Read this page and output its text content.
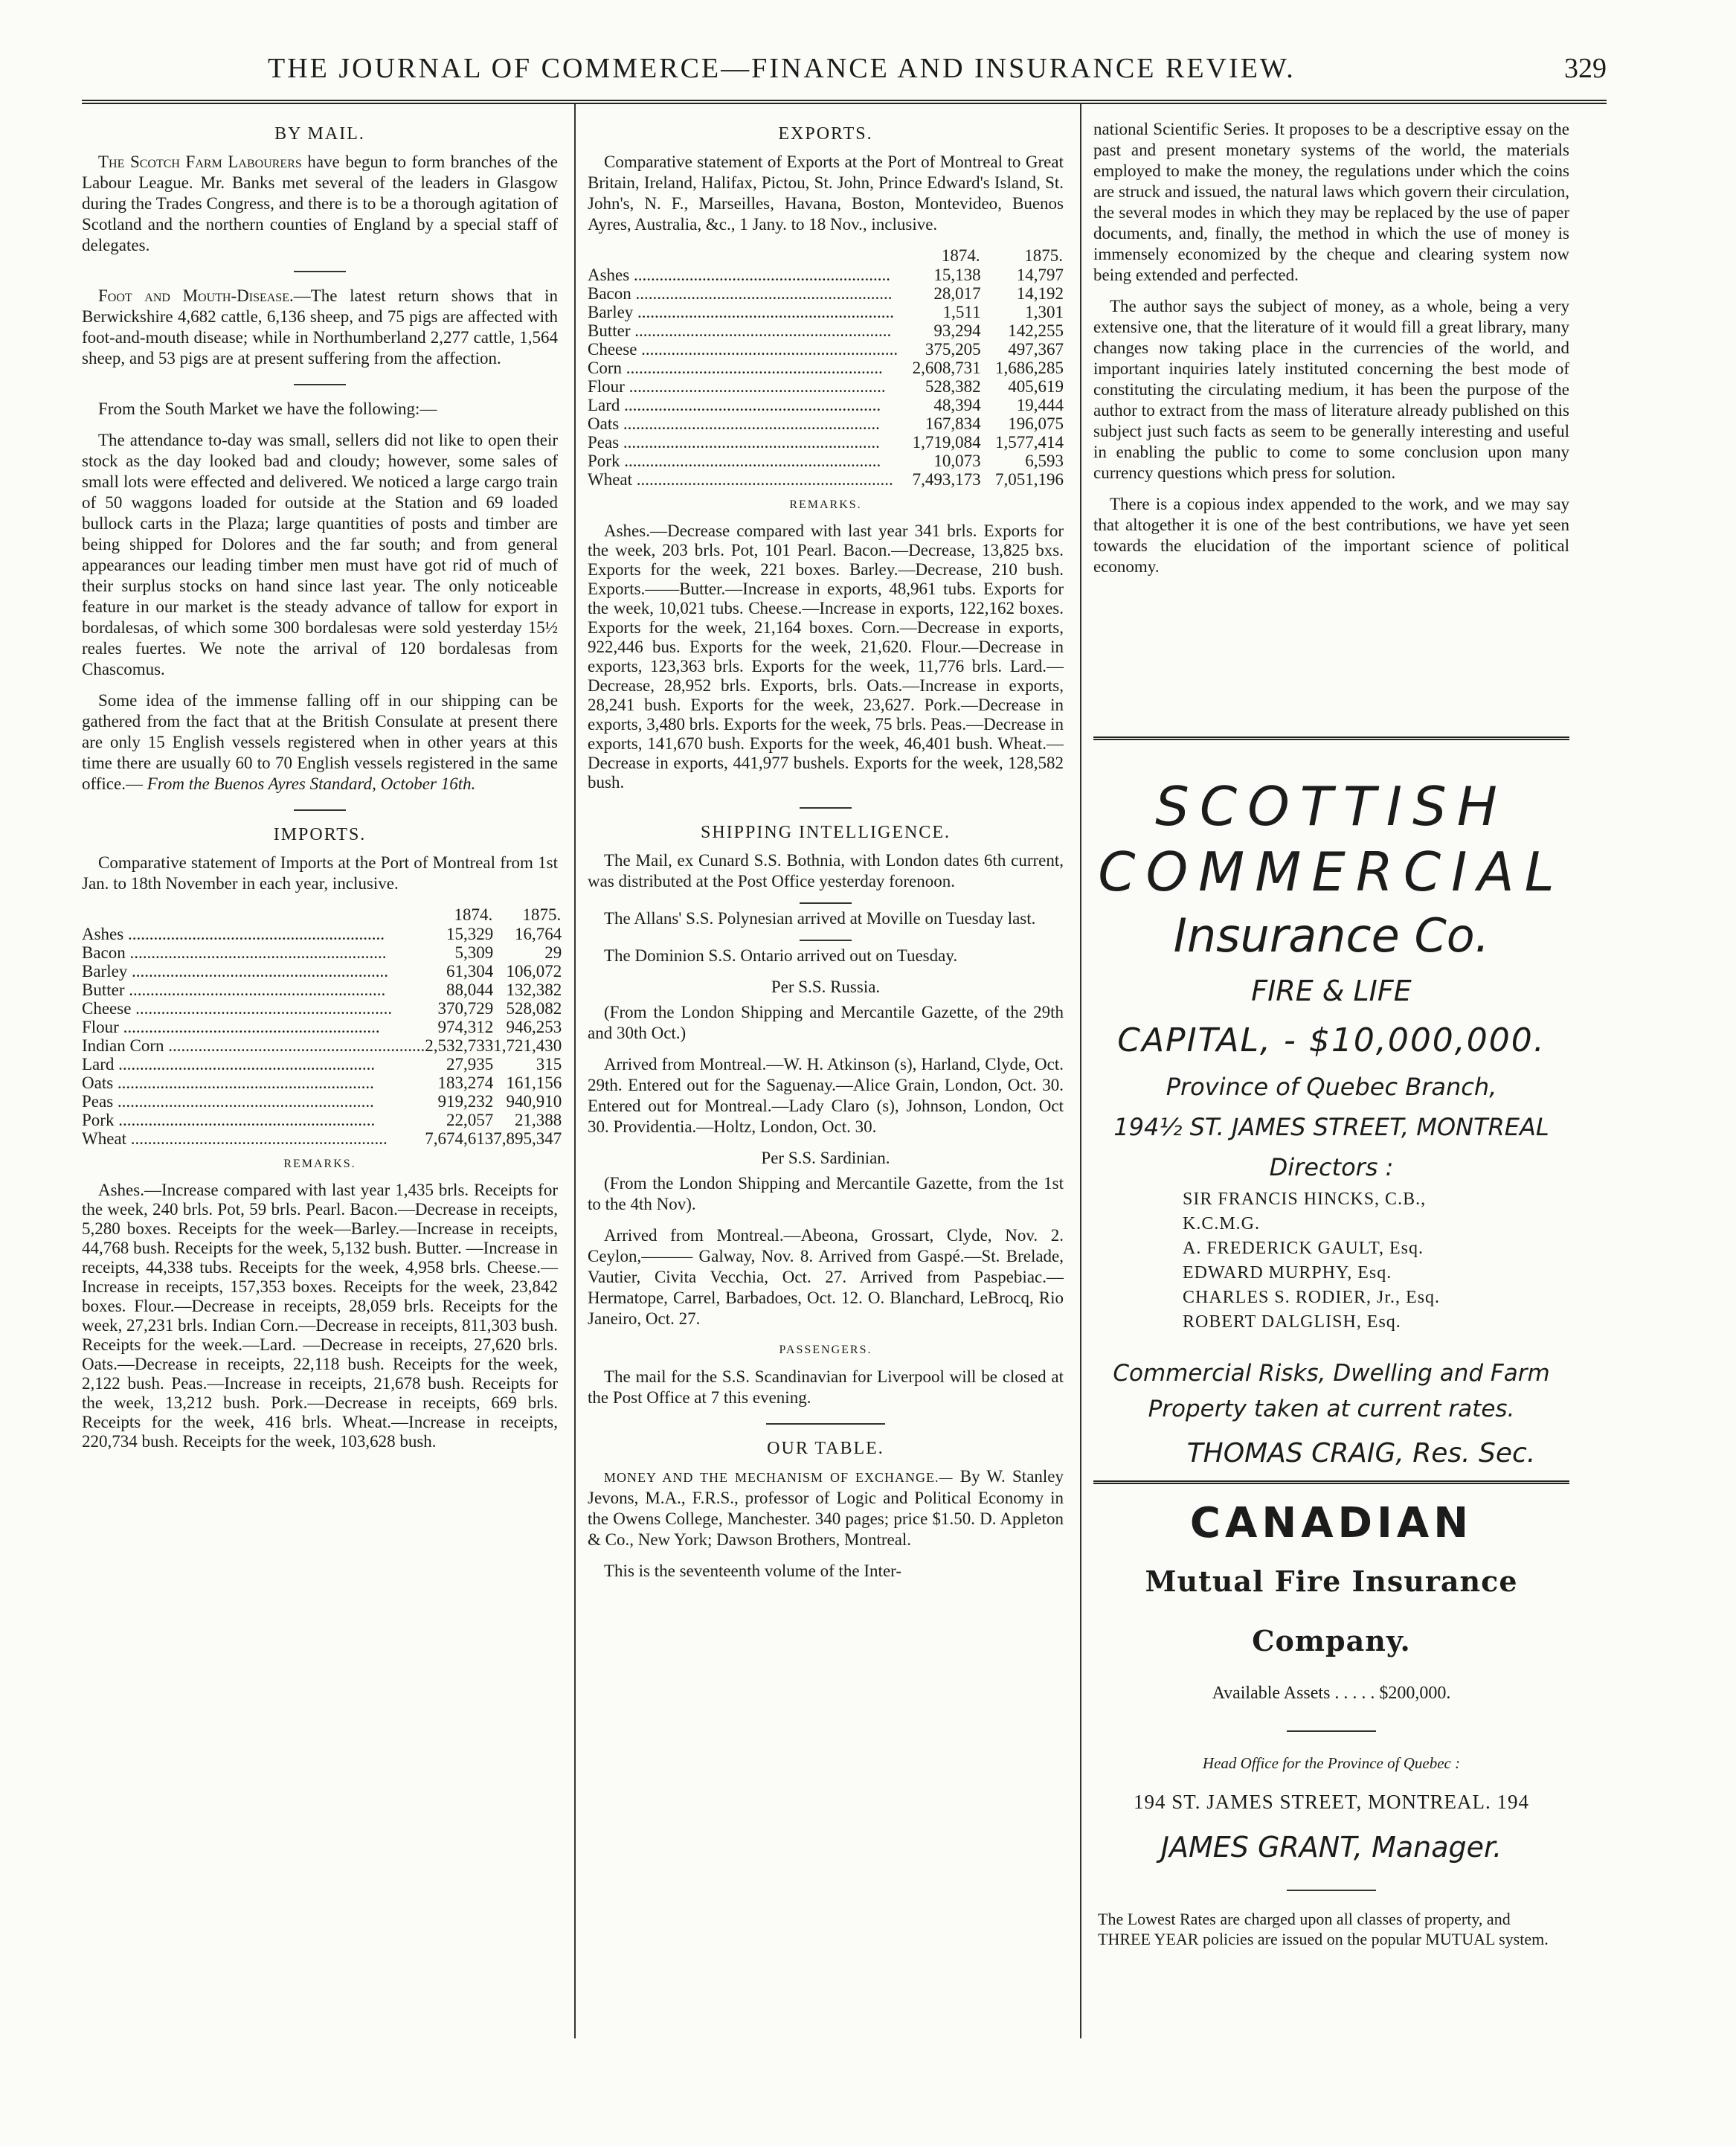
THE JOURNAL OF COMMERCE—FINANCE AND INSURANCE REVIEW.	329
BY MAIL.

The Scotch Farm Labourers have begun to form branches of the Labour League. Mr. Banks met several of the leaders in Glasgow during the Trades Congress, and there is to be a thorough agitation of Scotland and the northern counties of England by a special staff of delegates.

Foot and Mouth-Disease.—The latest return shows that in Berwickshire 4,682 cattle, 6,136 sheep, and 75 pigs are affected with foot-and-mouth disease; while in Northumberland 2,277 cattle, 1,564 sheep, and 53 pigs are at present suffering from the affection.

From the South Market we have the following:—

The attendance to-day was small, sellers did not like to open their stock as the day looked bad and cloudy; however, some sales of small lots were effected and delivered. We noticed a large cargo train of 50 waggons loaded for outside at the Station and 69 loaded bullock carts in the Plaza; large quantities of posts and timber are being shipped for Dolores and the far south; and from general appearances our leading timber men must have got rid of much of their surplus stocks on hand since last year. The only noticeable feature in our market is the steady advance of tallow for export in bordalesas, of which some 300 bordalesas were sold yesterday 15½ reales fuertes. We note the arrival of 120 bordalesas from Chascomus.

Some idea of the immense falling off in our shipping can be gathered from the fact that at the British Consulate at present there are only 15 English vessels registered when in other years at this time there are usually 60 to 70 English vessels registered in the same office.— From the Buenos Ayres Standard, October 16th.

IMPORTS.

Comparative statement of Imports at the Port of Montreal from 1st Jan. to 18th November in each year, inclusive.

	1874.	1875.
Ashes ............................................................	15,329	16,764
Bacon ............................................................	5,309	29
Barley ............................................................	61,304	106,072
Butter ............................................................	88,044	132,382
Cheese ............................................................	370,729	528,082
Flour ............................................................	974,312	946,253
Indian Corn ............................................................	2,532,733	1,721,430
Lard ............................................................	27,935	315
Oats ............................................................	183,274	161,156
Peas ............................................................	919,232	940,910
Pork ............................................................	22,057	21,388
Wheat ............................................................	7,674,613	7,895,347
REMARKS.

Ashes.—Increase compared with last year 1,435 brls. Receipts for the week, 240 brls. Pot, 59 brls. Pearl. Bacon.—Decrease in receipts, 5,280 boxes. Receipts for the week—Barley.—Increase in receipts, 44,768 bush. Receipts for the week, 5,132 bush. Butter. —Increase in receipts, 44,338 tubs. Receipts for the week, 4,958 brls. Cheese.—Increase in receipts, 157,353 boxes. Receipts for the week, 23,842 boxes. Flour.—Decrease in receipts, 28,059 brls. Receipts for the week, 27,231 brls. Indian Corn.—Decrease in receipts, 811,303 bush. Receipts for the week.—Lard. —Decrease in receipts, 27,620 brls. Oats.—Decrease in receipts, 22,118 bush. Receipts for the week, 2,122 bush. Peas.—Increase in receipts, 21,678 bush. Receipts for the week, 13,212 bush. Pork.—Decrease in receipts, 669 brls. Receipts for the week, 416 brls. Wheat.—Increase in receipts, 220,734 bush. Receipts for the week, 103,628 bush.

EXPORTS.

Comparative statement of Exports at the Port of Montreal to Great Britain, Ireland, Halifax, Pictou, St. John, Prince Edward's Island, St. John's, N. F., Marseilles, Havana, Boston, Montevideo, Buenos Ayres, Australia, &c., 1 Jany. to 18 Nov., inclusive.

	1874.	1875.
Ashes ............................................................	15,138	14,797
Bacon ............................................................	28,017	14,192
Barley ............................................................	1,511	1,301
Butter ............................................................	93,294	142,255
Cheese ............................................................	375,205	497,367
Corn ............................................................	2,608,731	1,686,285
Flour ............................................................	528,382	405,619
Lard ............................................................	48,394	19,444
Oats ............................................................	167,834	196,075
Peas ............................................................	1,719,084	1,577,414
Pork ............................................................	10,073	6,593
Wheat ............................................................	7,493,173	7,051,196
REMARKS.

Ashes.—Decrease compared with last year 341 brls. Exports for the week, 203 brls. Pot, 101 Pearl. Bacon.—Decrease, 13,825 bxs. Exports for the week, 221 boxes. Barley.—Decrease, 210 bush. Exports.——Butter.—Increase in exports, 48,961 tubs. Exports for the week, 10,021 tubs. Cheese.—Increase in exports, 122,162 boxes. Exports for the week, 21,164 boxes. Corn.—Decrease in exports, 922,446 bus. Exports for the week, 21,620. Flour.—Decrease in exports, 123,363 brls. Exports for the week, 11,776 brls. Lard.—Decrease, 28,952 brls. Exports, brls. Oats.—Increase in exports, 28,241 bush. Exports for the week, 23,627. Pork.—Decrease in exports, 3,480 brls. Exports for the week, 75 brls. Peas.—Decrease in exports, 141,670 bush. Exports for the week, 46,401 bush. Wheat.—Decrease in exports, 441,977 bushels. Exports for the week, 128,582 bush.

SHIPPING INTELLIGENCE.

The Mail, ex Cunard S.S. Bothnia, with London dates 6th current, was distributed at the Post Office yesterday forenoon.

The Allans' S.S. Polynesian arrived at Moville on Tuesday last.

The Dominion S.S. Ontario arrived out on Tuesday.

Per S.S. Russia.

(From the London Shipping and Mercantile Gazette, of the 29th and 30th Oct.)

Arrived from Montreal.—W. H. Atkinson (s), Harland, Clyde, Oct. 29th. Entered out for the Saguenay.—Alice Grain, London, Oct. 30. Entered out for Montreal.—Lady Claro (s), Johnson, London, Oct 30. Providentia.—Holtz, London, Oct. 30.

Per S.S. Sardinian.

(From the London Shipping and Mercantile Gazette, from the 1st to the 4th Nov).

Arrived from Montreal.—Abeona, Grossart, Clyde, Nov. 2. Ceylon,——— Galway, Nov. 8. Arrived from Gaspé.—St. Brelade, Vautier, Civita Vecchia, Oct. 27. Arrived from Paspebiac.—Hermatope, Carrel, Barbadoes, Oct. 12. O. Blanchard, LeBrocq, Rio Janeiro, Oct. 27.

PASSENGERS.

The mail for the S.S. Scandinavian for Liverpool will be closed at the Post Office at 7 this evening.

OUR TABLE.

MONEY AND THE MECHANISM OF EXCHANGE.— By W. Stanley Jevons, M.A., F.R.S., professor of Logic and Political Economy in the Owens College, Manchester. 340 pages; price $1.50. D. Appleton & Co., New York; Dawson Brothers, Montreal.

This is the seventeenth volume of the Inter-

national Scientific Series. It proposes to be a descriptive essay on the past and present monetary systems of the world, the materials employed to make the money, the regulations under which the coins are struck and issued, the natural laws which govern their circulation, the several modes in which they may be replaced by the use of paper documents, and, finally, the method in which the use of money is immensely economized by the cheque and clearing system now being extended and perfected.

The author says the subject of money, as a whole, being a very extensive one, that the literature of it would fill a great library, many changes now taking place in the currencies of the world, and important inquiries lately instituted concerning the best mode of constituting the circulating medium, it has been the purpose of the author to extract from the mass of literature already published on this subject just such facts as seem to be generally interesting and useful in enabling the public to come to some conclusion upon many currency questions which press for solution.

There is a copious index appended to the work, and we may say that altogether it is one of the best contributions, we have yet seen towards the elucidation of the important science of political economy.

SCOTTISH
COMMERCIAL
Insurance Co.
FIRE & LIFE
CAPITAL, - $10,000,000.
Province of Quebec Branch,
194½ ST. JAMES STREET, MONTREAL
Directors :
SIR FRANCIS HINCKS, C.B., K.C.M.G.
A. FREDERICK GAULT, Esq.
EDWARD MURPHY, Esq.
CHARLES S. RODIER, Jr., Esq.
ROBERT DALGLISH, Esq.
Commercial Risks, Dwelling and Farm
Property taken at current rates.
THOMAS CRAIG, Res. Sec.
CANADIAN
Mutual Fire Insurance Company.
Available Assets . . . . . $200,000.
Head Office for the Province of Quebec :
194 ST. JAMES STREET, MONTREAL. 194
JAMES GRANT, Manager.
The Lowest Rates are charged upon all classes of property, and THREE YEAR policies are issued on the popular MUTUAL system.
